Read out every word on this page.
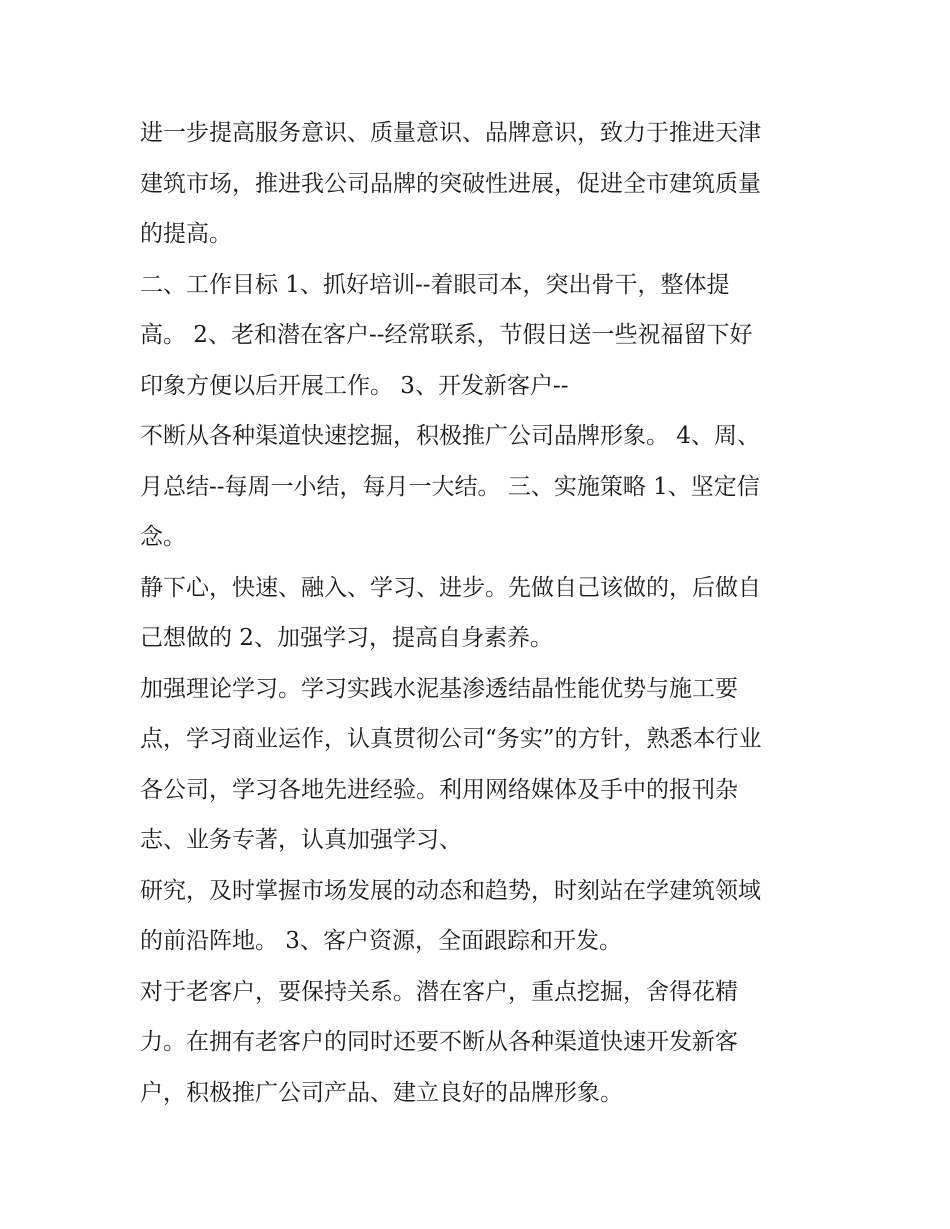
进一步提高服务意识、质量意识、品牌意识，致力于推进天津
建筑市场，推进我公司品牌的突破性进展，促进全市建筑质量
的提高。
二、工作目标 1、抓好培训--着眼司本，突出骨干，整体提
高。 2、老和潜在客户--经常联系，节假日送一些祝福留下好
印象方便以后开展工作。 3、开发新客户--
不断从各种渠道快速挖掘，积极推广公司品牌形象。 4、周、
月总结--每周一小结，每月一大结。 三、实施策略 1、坚定信
念。
静下心，快速、融入、学习、进步。先做自己该做的，后做自
己想做的 2、加强学习，提高自身素养。
加强理论学习。学习实践水泥基渗透结晶性能优势与施工要
点，学习商业运作，认真贯彻公司“务实”的方针，熟悉本行业
各公司，学习各地先进经验。利用网络媒体及手中的报刊杂
志、业务专著，认真加强学习、
研究，及时掌握市场发展的动态和趋势，时刻站在学建筑领域
的前沿阵地。 3、客户资源，全面跟踪和开发。
对于老客户，要保持关系。潜在客户，重点挖掘，舍得花精
力。在拥有老客户的同时还要不断从各种渠道快速开发新客
户，积极推广公司产品、建立良好的品牌形象。
